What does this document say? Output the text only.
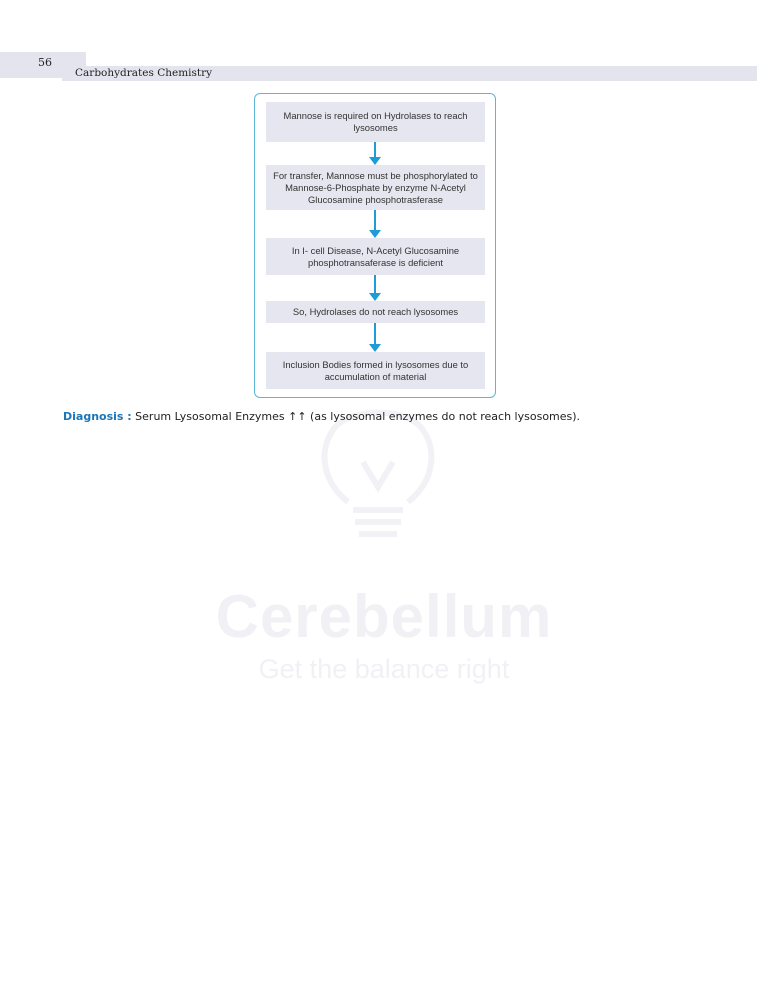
Cerebellum
Get the balance right
56
Carbohydrates Chemistry
Mannose is required on Hydrolases to reach lysosomes
For transfer, Mannose must be phosphorylated to Mannose-6-Phosphate by enzyme N-Acetyl Glucosamine phosphotrasferase
In I- cell Disease, N-Acetyl Glucosamine phosphotransaferase is deficient
So, Hydrolases do not reach lysosomes
Inclusion Bodies formed in lysosomes due to accumulation of material
Diagnosis : Serum Lysosomal Enzymes ↑↑ (as lysosomal enzymes do not reach lysosomes).
